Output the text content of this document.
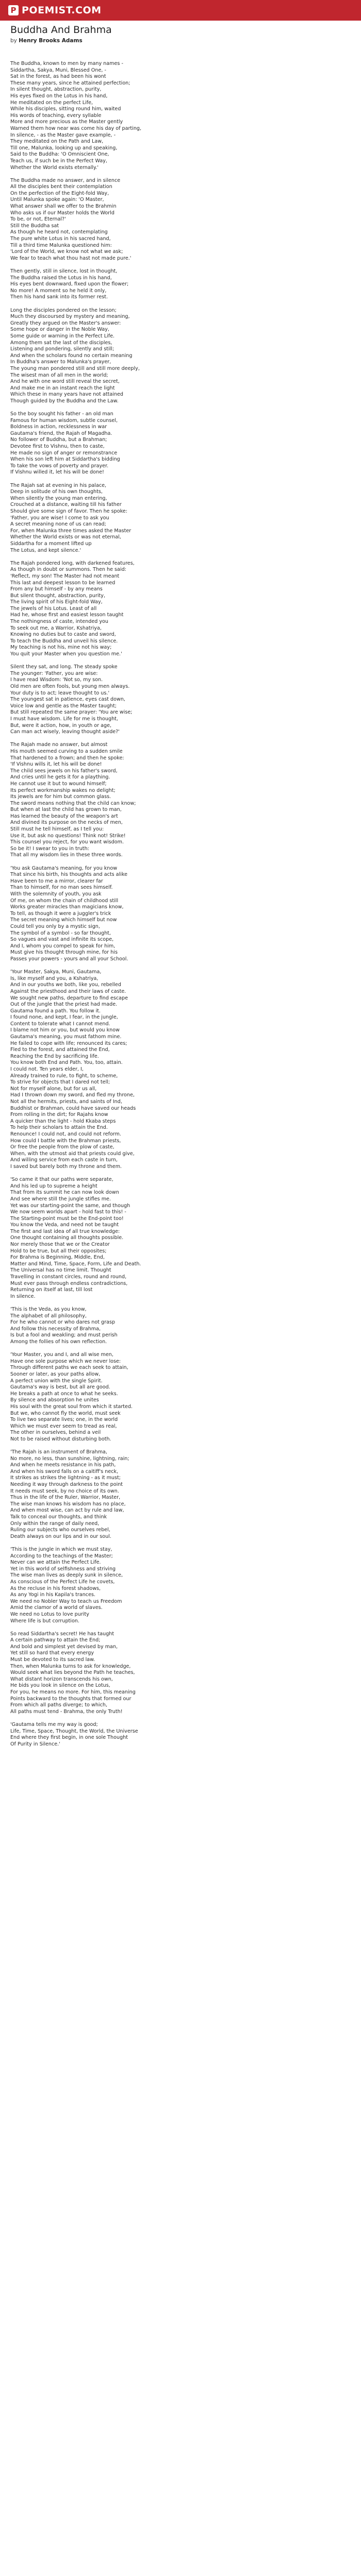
P POEMIST.COM
Buddha And Brahma
by Henry Brooks Adams
The Buddha, known to men by many names -
Siddartha, Sakya, Muni, Blessed One, -
Sat in the forest, as had been his wont
These many years, since he attained perfection;
In silent thought, abstraction, purity,
His eyes fixed on the Lotus in his hand,
He meditated on the perfect Life,
While his disciples, sitting round him, waited
His words of teaching, every syllable
More and more precious as the Master gently
Warned them how near was come his day of parting,
In silence, - as the Master gave example, -
They meditated on the Path and Law,
Till one, Malunka, looking up and speaking,
Said to the Buddha: 'O Omniscient One,
Teach us, if such be in the Perfect Way,
Whether the World exists eternally.'
The Buddha made no answer, and in silence
All the disciples bent their contemplation
On the perfection of the Eight-fold Way,
Until Malunka spoke again: 'O Master,
What answer shall we offer to the Brahmin
Who asks us if our Master holds the World
To be, or not, Eternal?'
Still the Buddha sat
As though he heard not, contemplating
The pure white Lotus in his sacred hand,
Till a third time Malunka questioned him:
'Lord of the World, we know not what we ask;
We fear to teach what thou hast not made pure.'
Then gently, still in silence, lost in thought,
The Buddha raised the Lotus in his hand,
His eyes bent downward, fixed upon the flower;
No more! A moment so he held it only,
Then his hand sank into its former rest.
Long the disciples pondered on the lesson;
Much they discoursed by mystery and meaning,
Greatly they argued on the Master's answer:
Some hope or danger in the Noble Way,
Some guide or warning in the Perfect Life.
Among them sat the last of the disciples,
Listening and pondering, silently and still;
And when the scholars found no certain meaning
In Buddha's answer to Malunka's prayer,
The young man pondered still and still more deeply,
The wisest man of all men in the world;
And he with one word still reveal the secret,
And make me in an instant reach the light
Which these in many years have not attained
Though guided by the Buddha and the Law.
So the boy sought his father - an old man
Famous for human wisdom, subtle counsel,
Boldness in action, recklessness in war
Gautama's friend, the Rajah of Magadha.
No follower of Buddha, but a Brahman;
Devotee first to Vishnu, then to caste,
He made no sign of anger or remonstrance
When his son left him at Siddartha's bidding
To take the vows of poverty and prayer.
If Vishnu willed it, let his will be done!
The Rajah sat at evening in his palace,
Deep in solitude of his own thoughts,
When silently the young man entering,
Crouched at a distance, waiting till his father
Should give some sign of favor. Then he spoke:
'Father, you are wise! I come to ask you
A secret meaning none of us can read;
For, when Malunka three times asked the Master
Whether the World exists or was not eternal,
Siddartha for a moment lifted up
The Lotus, and kept silence.'
The Rajah pondered long, with darkened features,
As though in doubt or summons. Then he said:
'Reflect, my son! The Master had not meant
This last and deepest lesson to be learned
From any but himself - by any means
But silent thought, abstraction, purity,
The living spirit of his Eight-fold Way,
The jewels of his Lotus. Least of all
Had he, whose first and easiest lesson taught
The nothingness of caste, intended you
To seek out me, a Warrior, Kshatriya,
Knowing no duties but to caste and sword,
To teach the Buddha and unveil his silence.
My teaching is not his, mine not his way;
You quit your Master when you question me.'
Silent they sat, and long. The steady spoke
The younger: 'Father, you are wise:
I have read Wisdom: 'Not so, my son.
Old men are often fools, but young men always.
Your duty is to act; leave thought to us.'
The youngest sat in patience, eyes cast down,
Voice low and gentle as the Master taught;
But still repeated the same prayer: 'You are wise;
I must have wisdom. Life for me is thought,
But, were it action, how, in youth or age,
Can man act wisely, leaving thought aside?'
The Rajah made no answer, but almost
His mouth seemed curving to a sudden smile
That hardened to a frown; and then he spoke:
'If Vishnu wills it, let his will be done!
The child sees jewels on his father's sword,
And cries until he gets it for a plaything.
He cannot use it but to wound himself;
Its perfect workmanship wakes no delight;
Its jewels are for him but common glass.
The sword means nothing that the child can know;
But when at last the child has grown to man,
Has learned the beauty of the weapon's art
And divined its purpose on the necks of men,
Still must he tell himself, as I tell you:
Use it, but ask no questions! Think not! Strike!
This counsel you reject, for you want wisdom.
So be it! I swear to you in truth:
That all my wisdom lies in these three words.
'You ask Gautama's meaning, for you know
That since his birth, his thoughts and acts alike
Have been to me a mirror, clearer far
Than to himself, for no man sees himself.
With the solemnity of youth, you ask
Of me, on whom the chain of childhood still
Works greater miracles than magicians know,
To tell, as though it were a juggler's trick
The secret meaning which himself but now
Could tell you only by a mystic sign,
The symbol of a symbol - so far thought,
So vagues and vast and infinite its scope,
And I, whom you compel to speak for him,
Must give his thought through mine, for his
Passes your powers - yours and all your School.
'Your Master, Sakya, Muni, Gautama,
Is, like myself and you, a Kshatriya,
And in our youths we both, like you, rebelled
Against the priesthood and their laws of caste.
We sought new paths, departure to find escape
Out of the jungle that the priest had made.
Gautama found a path. You follow it.
I found none, and kept, I fear, in the jungle,
Content to tolerate what I cannot mend.
I blame not him or you, but would you know
Gautama's meaning, you must fathom mine.
He failed to cope with life; renounced its cares;
Fled to the forest, and attained the End,
Reaching the End by sacrificing life.
You know both End and Path. You, too, attain.
I could not. Ten years elder, I,
Already trained to rule, to fight, to scheme,
To strive for objects that I dared not tell;
Not for myself alone, but for us all,
Had I thrown down my sword, and fled my throne,
Not all the hermits, priests, and saints of Ind,
Buddhist or Brahman, could have saved our heads
From rolling in the dirt; for Rajahs know
A quicker than the light - hold Kkaba steps
To help their scholars to attain the End.
Renounce! I could not, and could not reform.
How could I battle with the Brahman priests,
Or free the people from the plow of caste,
When, with the utmost aid that priests could give,
And willing service from each caste in turn,
I saved but barely both my throne and them.
'So came it that our paths were separate,
And his led up to supreme a height
That from its summit he can now look down
And see where still the jungle stifles me.
Yet was our starting-point the same, and though
We now seem worlds apart - hold fast to this! -
The Starting-point must be the End-point too!
You know the Veda, and need not be taught
The first and last idea of all true knowledge:
One thought containing all thoughts possible.
Nor merely those that we or the Creator
Hold to be true, but all their opposites;
For Brahma is Beginning, Middle, End,
Matter and Mind, Time, Space, Form, Life and Death.
The Universal has no time limit. Thought
Travelling in constant circles, round and round,
Must ever pass through endless contradictions,
Returning on itself at last, till lost
In silence.
'This is the Veda, as you know,
The alphabet of all philosophy,
For he who cannot or who dares not grasp
And follow this necessity of Brahma,
Is but a fool and weakling; and must perish
Among the follies of his own reflection.
'Your Master, you and I, and all wise men,
Have one sole purpose which we never lose:
Through different paths we each seek to attain,
Sooner or later, as your paths allow,
A perfect union with the single Spirit.
Gautama's way is best, but all are good.
He breaks a path at once to what he seeks.
By silence and absorption he unites
His soul with the great soul from which it started.
But we, who cannot fly the world, must seek
To live two separate lives; one, in the world
Which we must ever seem to tread as real,
The other in ourselves, behind a veil
Not to be raised without disturbing both.
'The Rajah is an instrument of Brahma,
No more, no less, than sunshine, lightning, rain;
And when he meets resistance in his path,
And when his sword falls on a caitiff's neck,
It strikes as strikes the lightning - as it must;
Needing it way through darkness to the point
It needs must seek, by no choice of its own.
Thus in the life of the Ruler, Warrior, Master,
The wise man knows his wisdom has no place,
And when most wise, can act by rule and law,
Talk to conceal our thoughts, and think
Only within the range of daily need,
Ruling our subjects who ourselves rebel,
Death always on our lips and in our soul.
'This is the jungle in which we must stay,
According to the teachings of the Master;
Never can we attain the Perfect Life.
Yet in this world of selfishness and striving
The wise man lives as deeply sunk in silence,
As conscious of the Perfect Life he covets,
As the recluse in his forest shadows,
As any Yogi in his Kapila's trances.
We need no Nobler Way to teach us Freedom
Amid the clamor of a world of slaves.
We need no Lotus to love purity
Where life is but corruption.
So read Siddartha's secret! He has taught
A certain pathway to attain the End;
And bold and simplest yet devised by man,
Yet still so hard that every energy
Must be devoted to its sacred law.
Then, when Malunka turns to ask for knowledge,
Would seek what lies beyond the Path he teaches,
What distant horizon transcends his own,
He bids you look in silence on the Lotus,
For you, he means no more. For him, this meaning
Points backward to the thoughts that formed our
From which all paths diverge; to which,
All paths must tend - Brahma, the only Truth!
'Gautama tells me my way is good;
Life, Time, Space, Thought, the World, the Universe
End where they first begin, in one sole Thought
Of Purity in Silence.'
